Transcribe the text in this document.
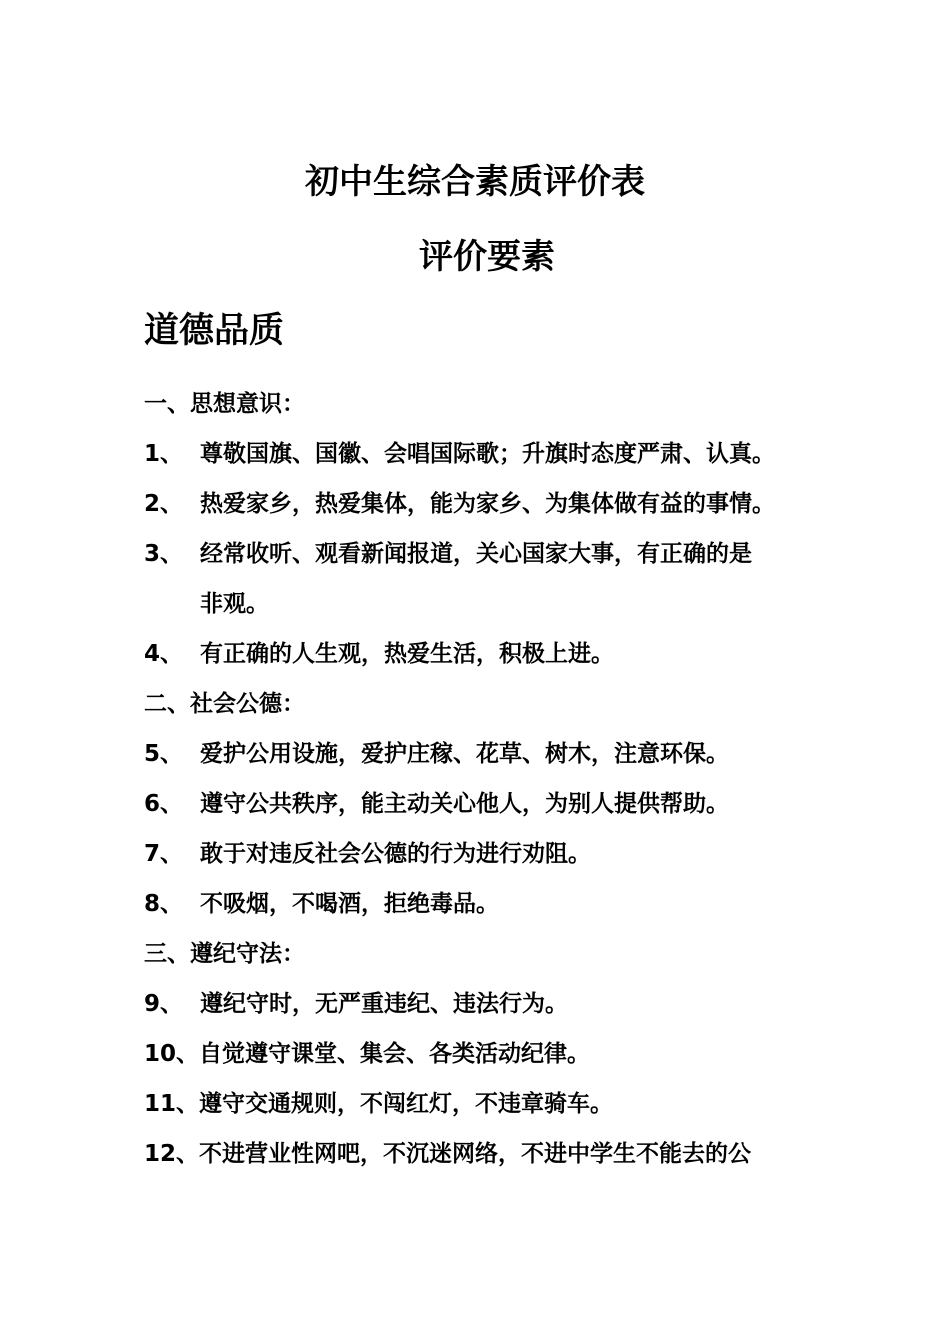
初中生综合素质评价表
评价要素
道德品质
一、思想意识：
1、 尊敬国旗、国徽、会唱国际歌；升旗时态度严肃、认真。
2、 热爱家乡，热爱集体，能为家乡、为集体做有益的事情。
3、 经常收听、观看新闻报道，关心国家大事，有正确的是
非观。
4、 有正确的人生观，热爱生活，积极上进。
二、社会公德：
5、 爱护公用设施，爱护庄稼、花草、树木，注意环保。
6、 遵守公共秩序，能主动关心他人，为别人提供帮助。
7、 敢于对违反社会公德的行为进行劝阻。
8、 不吸烟，不喝酒，拒绝毒品。
三、遵纪守法：
9、 遵纪守时，无严重违纪、违法行为。
10、自觉遵守课堂、集会、各类活动纪律。
11、遵守交通规则，不闯红灯，不违章骑车。
12、不进营业性网吧，不沉迷网络，不进中学生不能去的公
